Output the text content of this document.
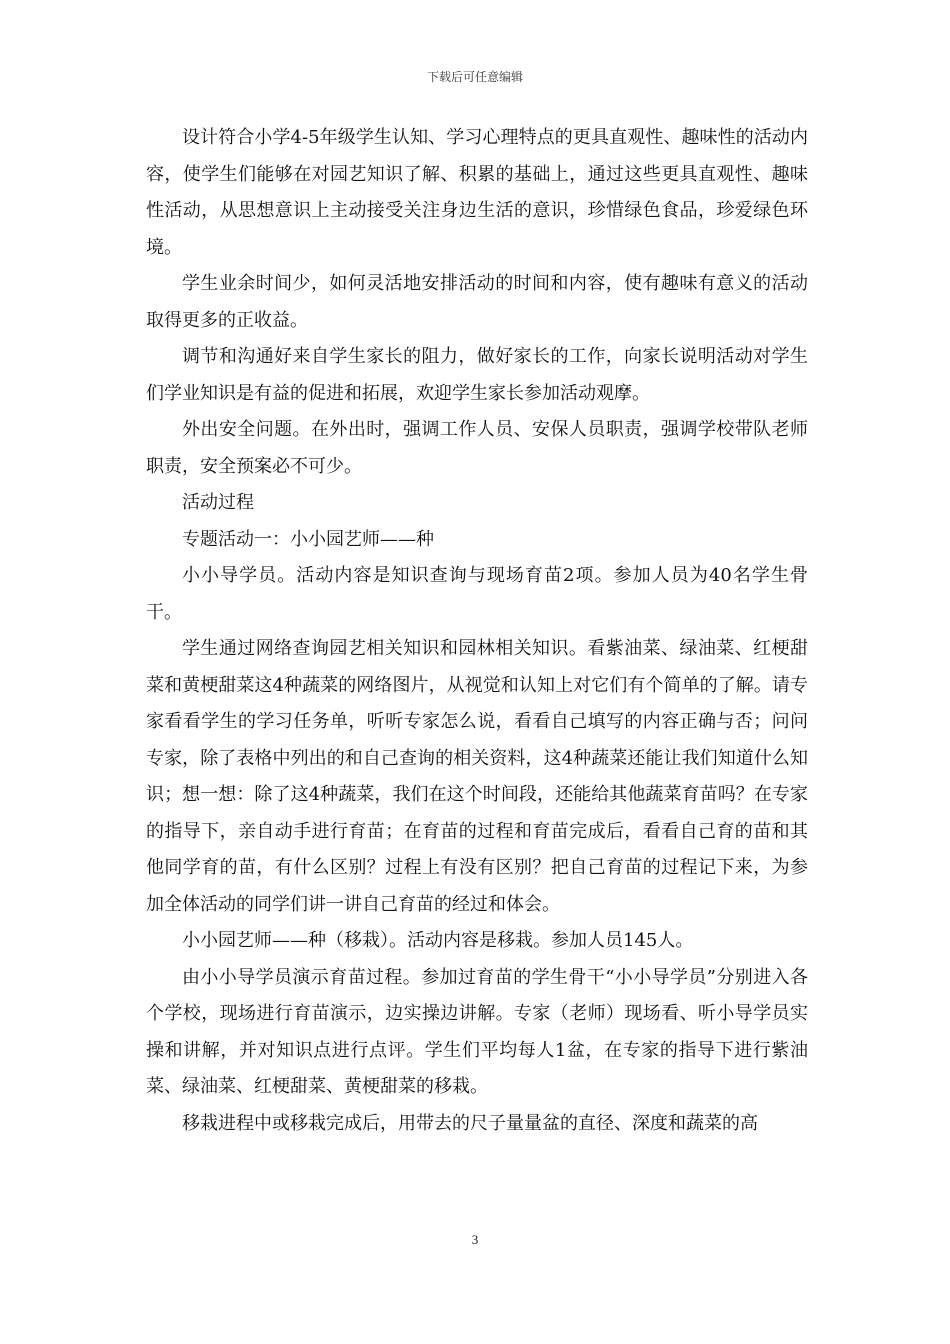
下载后可任意编辑

设计符合小学4-5年级学生认知、学习心理特点的更具直观性、趣味性的活动内容，使学生们能够在对园艺知识了解、积累的基础上，通过这些更具直观性、趣味性活动，从思想意识上主动接受关注身边生活的意识，珍惜绿色食品，珍爱绿色环境。

学生业余时间少，如何灵活地安排活动的时间和内容，使有趣味有意义的活动取得更多的正收益。

调节和沟通好来自学生家长的阻力，做好家长的工作，向家长说明活动对学生们学业知识是有益的促进和拓展，欢迎学生家长参加活动观摩。

外出安全问题。在外出时，强调工作人员、安保人员职责，强调学校带队老师职责，安全预案必不可少。

活动过程

专题活动一：小小园艺师——种

小小导学员。活动内容是知识查询与现场育苗2项。参加人员为40名学生骨干。

学生通过网络查询园艺相关知识和园林相关知识。看紫油菜、绿油菜、红梗甜菜和黄梗甜菜这4种蔬菜的网络图片，从视觉和认知上对它们有个简单的了解。请专家看看学生的学习任务单，听听专家怎么说，看看自己填写的内容正确与否；问问专家，除了表格中列出的和自己查询的相关资料，这4种蔬菜还能让我们知道什么知识；想一想：除了这4种蔬菜，我们在这个时间段，还能给其他蔬菜育苗吗？在专家的指导下，亲自动手进行育苗；在育苗的过程和育苗完成后，看看自己育的苗和其他同学育的苗，有什么区别？过程上有没有区别？把自己育苗的过程记下来，为参加全体活动的同学们讲一讲自己育苗的经过和体会。

小小园艺师——种（移栽）。活动内容是移栽。参加人员145人。

由小小导学员演示育苗过程。参加过育苗的学生骨干“小小导学员”分别进入各个学校，现场进行育苗演示，边实操边讲解。专家（老师）现场看、听小导学员实操和讲解，并对知识点进行点评。学生们平均每人1盆，在专家的指导下进行紫油菜、绿油菜、红梗甜菜、黄梗甜菜的移栽。

移栽进程中或移栽完成后，用带去的尺子量量盆的直径、深度和蔬菜的高

3
